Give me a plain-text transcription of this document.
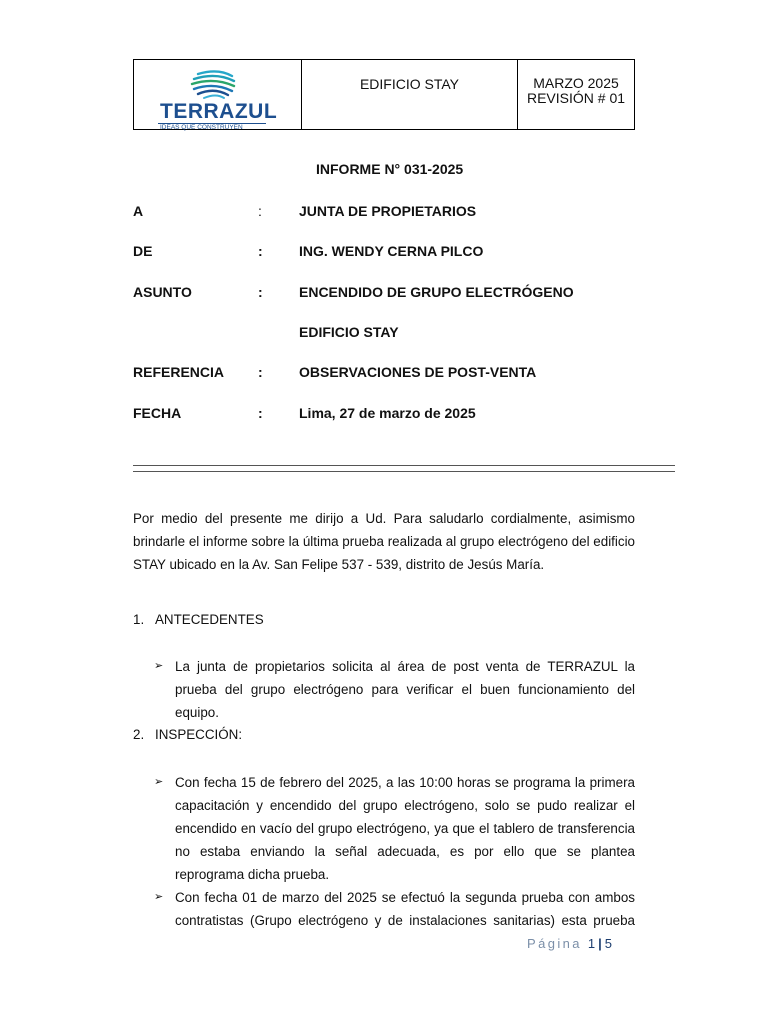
TERRAZUL
IDEAS QUE CONSTRUYEN
EDIFICIO STAY	MARZO 2025
REVISIÓN # 01
INFORME N° 031-2025
A	:	JUNTA DE PROPIETARIOS
DE	:	ING. WENDY CERNA PILCO
ASUNTO	:	ENCENDIDO DE GRUPO ELECTRÓGENO
EDIFICIO STAY
REFERENCIA :	OBSERVACIONES DE POST-VENTA
FECHA	:	Lima, 27 de marzo de 2025
Por medio del presente me dirijo a Ud. Para saludarlo cordialmente, asimismo brindarle el informe sobre la última prueba realizada al grupo electrógeno del edificio STAY ubicado en la Av. San Felipe 537 - 539, distrito de Jesús María.
1. ANTECEDENTES
➢ La junta de propietarios solicita al área de post venta de TERRAZUL la prueba del grupo electrógeno para verificar el buen funcionamiento del equipo.
2. INSPECCIÓN:
➢ Con fecha 15 de febrero del 2025, a las 10:00 horas se programa la primera capacitación y encendido del grupo electrógeno, solo se pudo realizar el encendido en vacío del grupo electrógeno, ya que el tablero de transferencia no estaba enviando la señal adecuada, es por ello que se plantea reprograma dicha prueba.
➢ Con fecha 01 de marzo del 2025 se efectuó la segunda prueba con ambos contratistas (Grupo electrógeno y de instalaciones sanitarias) esta prueba
Página 1 | 5
